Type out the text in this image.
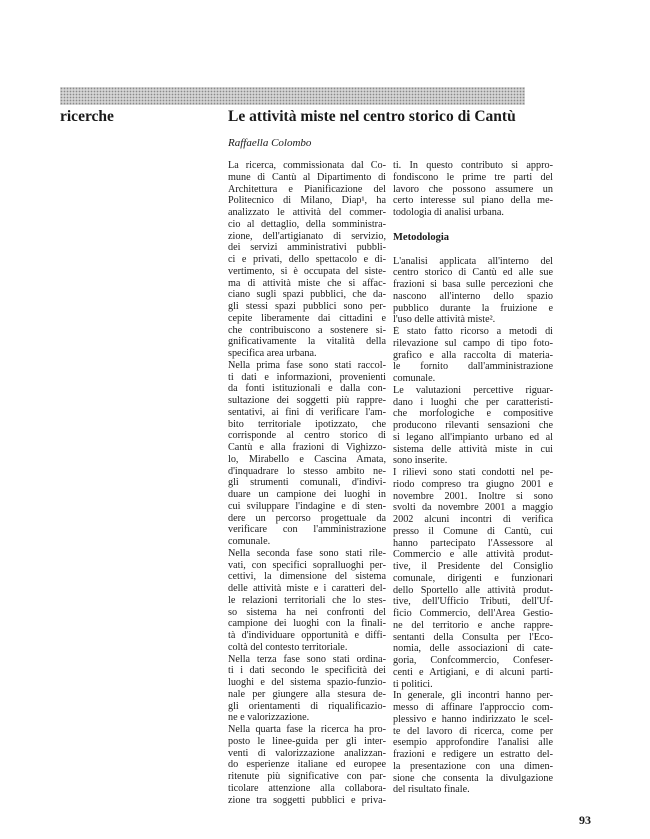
ricerche	Le attività miste nel centro storico di Cantù
Raffaella Colombo
La ricerca, commissionata dal Co-
mune di Cantù al Dipartimento di
Architettura e Pianificazione del
Politecnico di Milano, Diap¹, ha
analizzato le attività del commer-
cio al dettaglio, della somministra-
zione, dell'artigianato di servizio,
dei servizi amministrativi pubbli-
ci e privati, dello spettacolo e di-
vertimento, si è occupata del siste-
ma di attività miste che si affac-
ciano sugli spazi pubblici, che da-
gli stessi spazi pubblici sono per-
cepite liberamente dai cittadini e
che contribuiscono a sostenere si-
gnificativamente la vitalità della
specifica area urbana.
Nella prima fase sono stati raccol-
ti dati e informazioni, provenienti
da fonti istituzionali e dalla con-
sultazione dei soggetti più rappre-
sentativi, ai fini di verificare l'am-
bito territoriale ipotizzato, che
corrisponde al centro storico di
Cantù e alla frazioni di Vighizzo-
lo, Mirabello e Cascina Amata,
d'inquadrare lo stesso ambito ne-
gli strumenti comunali, d'indivi-
duare un campione dei luoghi in
cui sviluppare l'indagine e di sten-
dere un percorso progettuale da
verificare con l'amministrazione
comunale.
Nella seconda fase sono stati rile-
vati, con specifici sopralluoghi per-
cettivi, la dimensione del sistema
delle attività miste e i caratteri del-
le relazioni territoriali che lo stes-
so sistema ha nei confronti del
campione dei luoghi con la finali-
tà d'individuare opportunità e diffi-
coltà del contesto territoriale.
Nella terza fase sono stati ordina-
ti i dati secondo le specificità dei
luoghi e del sistema spazio-funzio-
nale per giungere alla stesura de-
gli orientamenti di riqualificazio-
ne e valorizzazione.
Nella quarta fase la ricerca ha pro-
posto le linee-guida per gli inter-
venti di valorizzazione analizzan-
do esperienze italiane ed europee
ritenute più significative con par-
ticolare attenzione alla collabora-
zione tra soggetti pubblici e priva-
ti. In questo contributo si appro-
fondiscono le prime tre parti del
lavoro che possono assumere un
certo interesse sul piano della me-
todologia di analisi urbana.
Metodologia
L'analisi applicata all'interno del
centro storico di Cantù ed alle sue
frazioni si basa sulle percezioni che
nascono all'interno dello spazio
pubblico durante la fruizione e
l'uso delle attività miste².
È stato fatto ricorso a metodi di
rilevazione sul campo di tipo foto-
grafico e alla raccolta di materia-
le fornito dall'amministrazione
comunale.
Le valutazioni percettive riguar-
dano i luoghi che per caratteristi-
che morfologiche e compositive
producono rilevanti sensazioni che
si legano all'impianto urbano ed al
sistema delle attività miste in cui
sono inserite.
I rilievi sono stati condotti nel pe-
riodo compreso tra giugno 2001 e
novembre 2001. Inoltre si sono
svolti da novembre 2001 a maggio
2002 alcuni incontri di verifica
presso il Comune di Cantù, cui
hanno partecipato l'Assessore al
Commercio e alle attività produt-
tive, il Presidente del Consiglio
comunale, dirigenti e funzionari
dello Sportello alle attività produt-
tive, dell'Ufficio Tributi, dell'Uf-
ficio Commercio, dell'Area Gestio-
ne del territorio e anche rappre-
sentanti della Consulta per l'Eco-
nomia, delle associazioni di cate-
goria, Confcommercio, Confeser-
centi e Artigiani, e di alcuni parti-
ti politici.
In generale, gli incontri hanno per-
messo di affinare l'approccio com-
plessivo e hanno indirizzato le scel-
te del lavoro di ricerca, come per
esempio approfondire l'analisi alle
frazioni e redigere un estratto del-
la presentazione con una dimen-
sione che consenta la divulgazione
del risultato finale.
93
